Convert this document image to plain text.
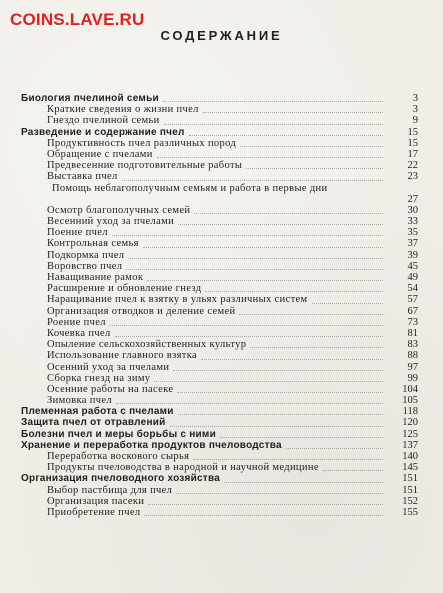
COINS.LAVE.RU
СОДЕРЖАНИЕ
Биология пчелиной семьи	3
Краткие сведения о жизни пчел	3
Гнездо пчелиной семьи	9
Разведение и содержание пчел	15
Продуктивность пчел различных пород	15
Обращение с пчелами	17
Предвесенние подготовительные работы	22
Выставка пчел	23
Помощь неблагополучным семьям и работа в первые дни
27
Осмотр благополучных семей	30
Весенний уход за пчелами	33
Поение пчел	35
Контрольная семья	37
Подкормка пчел	39
Воровство пчел	45
Наващивание рамок	49
Расширение и обновление гнезд	54
Наращивание пчел к взятку в ульях различных систем	57
Организация отводков и деление семей	67
Роение пчел	73
Кочевка пчел	81
Опыление сельскохозяйственных культур	83
Использование главного взятка	88
Осенний уход за пчелами	97
Сборка гнезд на зиму	99
Осенние работы на пасеке	104
Зимовка пчел	105
Племенная работа с пчелами	118
Защита пчел от отравлений	120
Болезни пчел и меры борьбы с ними	125
Хранение и переработка продуктов пчеловодства	137
Переработка воскового сырья	140
Продукты пчеловодства в народной и научной медицине	145
Организация пчеловодного хозяйства	151
Выбор пастбища для пчел	151
Организация пасеки	152
Приобретение пчел	155
